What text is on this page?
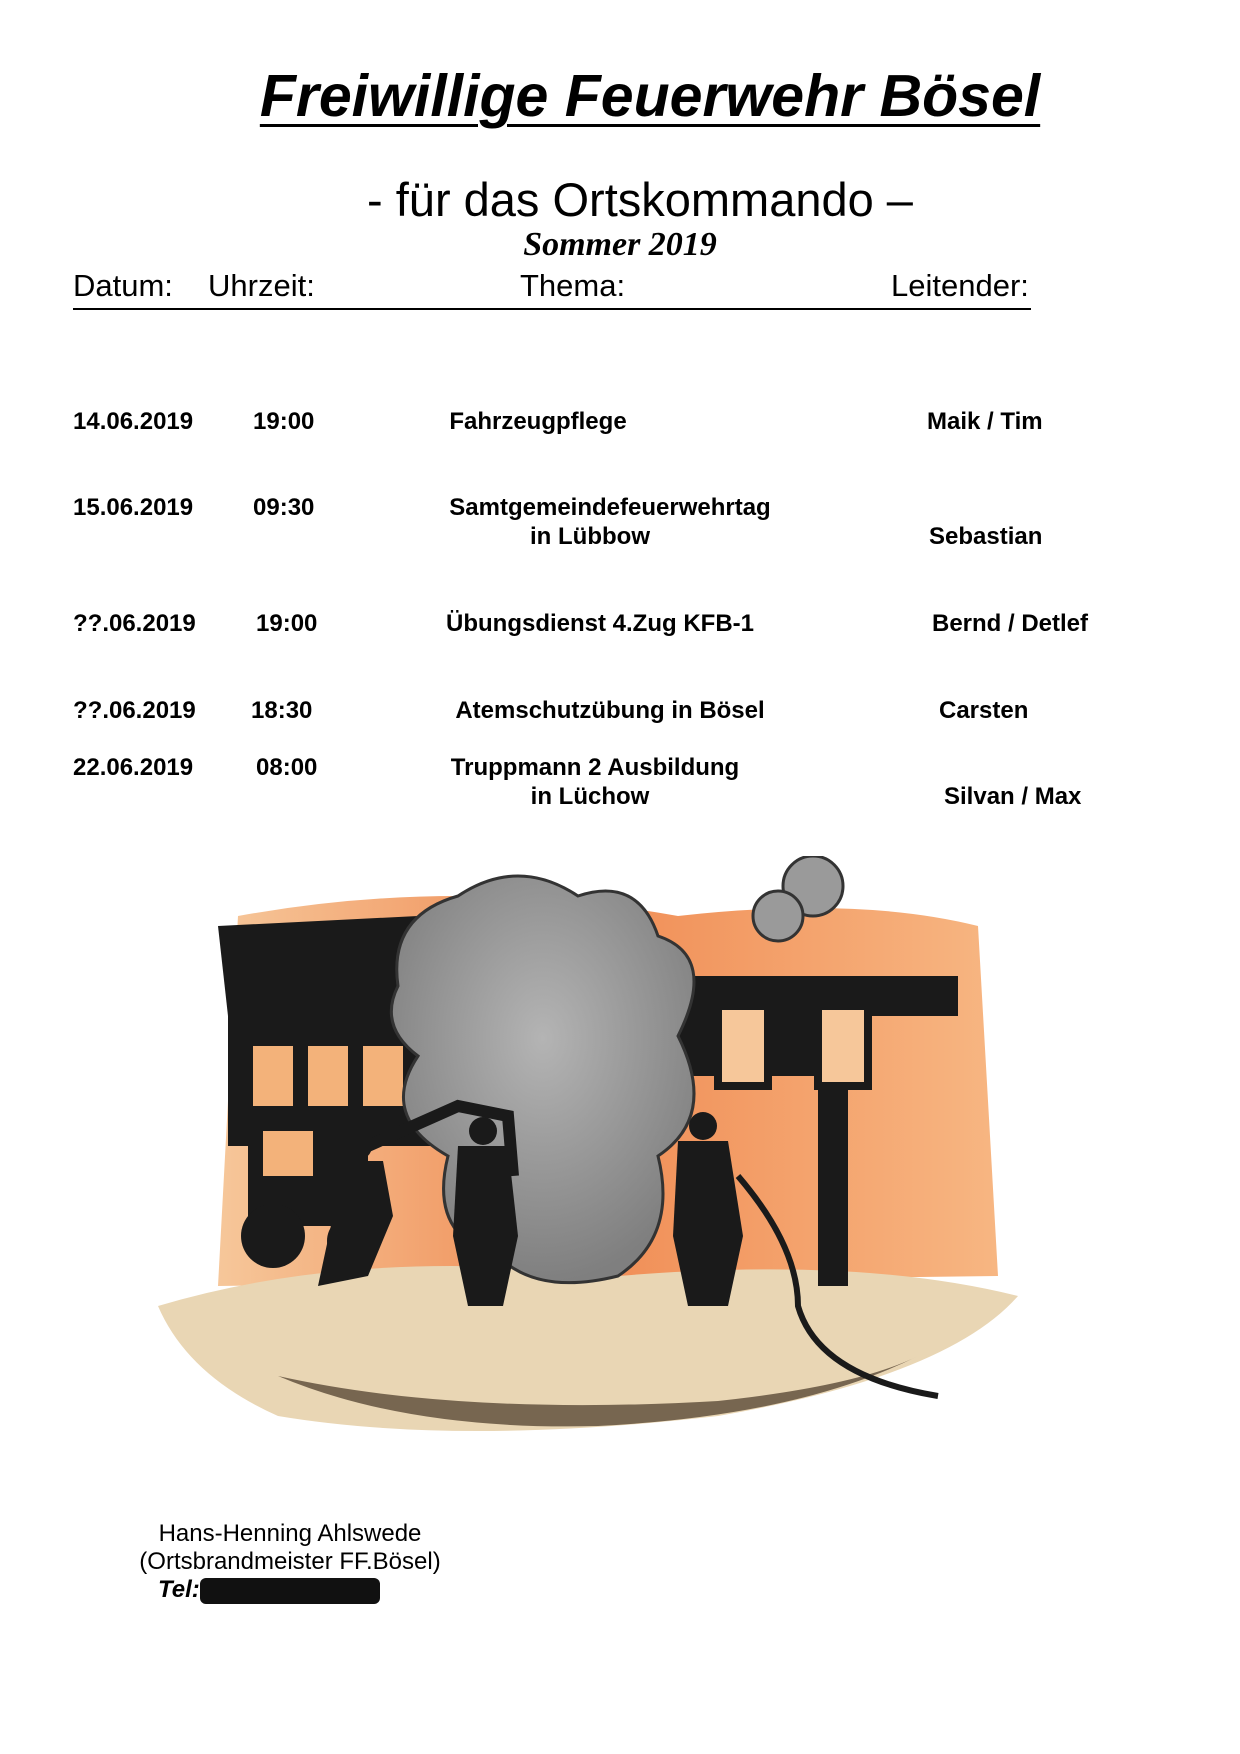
Freiwillige Feuerwehr Bösel
- für das Ortskommando –
Sommer 2019
Datum: Uhrzeit:	Thema:	Leitender:
14.06.2019 19:00	Fahrzeugpflege	Maik / Tim
15.06.2019 09:30	Samtgemeindefeuerwehrtag
in Lübbow	Sebastian
??.06.2019	19:00	Übungsdienst 4.Zug KFB-1	Bernd / Detlef
??.06.2019 18:30	Atemschutzübung in Bösel	Carsten
22.06.2019	08:00	Truppmann 2 Ausbildung
in Lüchow	Silvan / Max
Hans-Henning Ahlswede
(Ortsbrandmeister FF.Bösel)
Tel:
